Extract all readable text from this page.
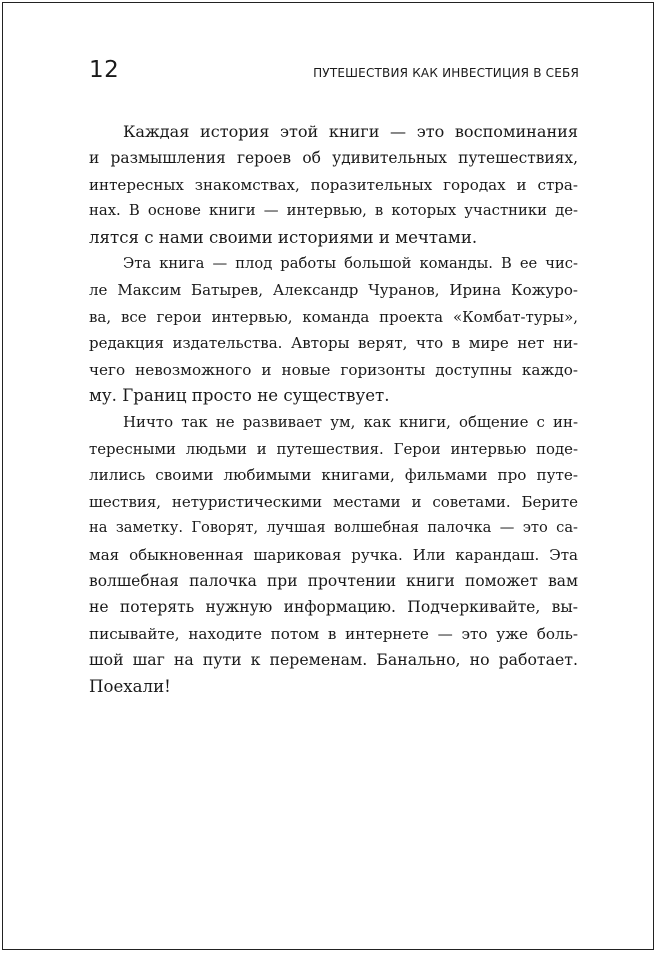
12	ПУТЕШЕСТВИЯ КАК ИНВЕСТИЦИЯ В СЕБЯ

Каждая история этой книги — это воспоминания
и размышления героев об удивительных путешествиях,
интересных знакомствах, поразительных городах и стра-
нах. В основе книги — интервью, в которых участники де-
лятся с нами своими историями и мечтами.

Эта книга — плод работы большой команды. В ее чис-
ле Максим Батырев, Александр Чуранов, Ирина Кожуро-
ва, все герои интервью, команда проекта «Комбат-туры»,
редакция издательства. Авторы верят, что в мире нет ни-
чего невозможного и новые горизонты доступны каждо-
му. Границ просто не существует.

Ничто так не развивает ум, как книги, общение с ин-
тересными людьми и путешествия. Герои интервью поде-
лились своими любимыми книгами, фильмами про путе-
шествия, нетуристическими местами и советами. Берите
на заметку. Говорят, лучшая волшебная палочка — это са-
мая обыкновенная шариковая ручка. Или карандаш. Эта
волшебная палочка при прочтении книги поможет вам
не потерять нужную информацию. Подчеркивайте, вы-
писывайте, находите потом в интернете — это уже боль-
шой шаг на пути к переменам. Банально, но работает.
Поехали!
